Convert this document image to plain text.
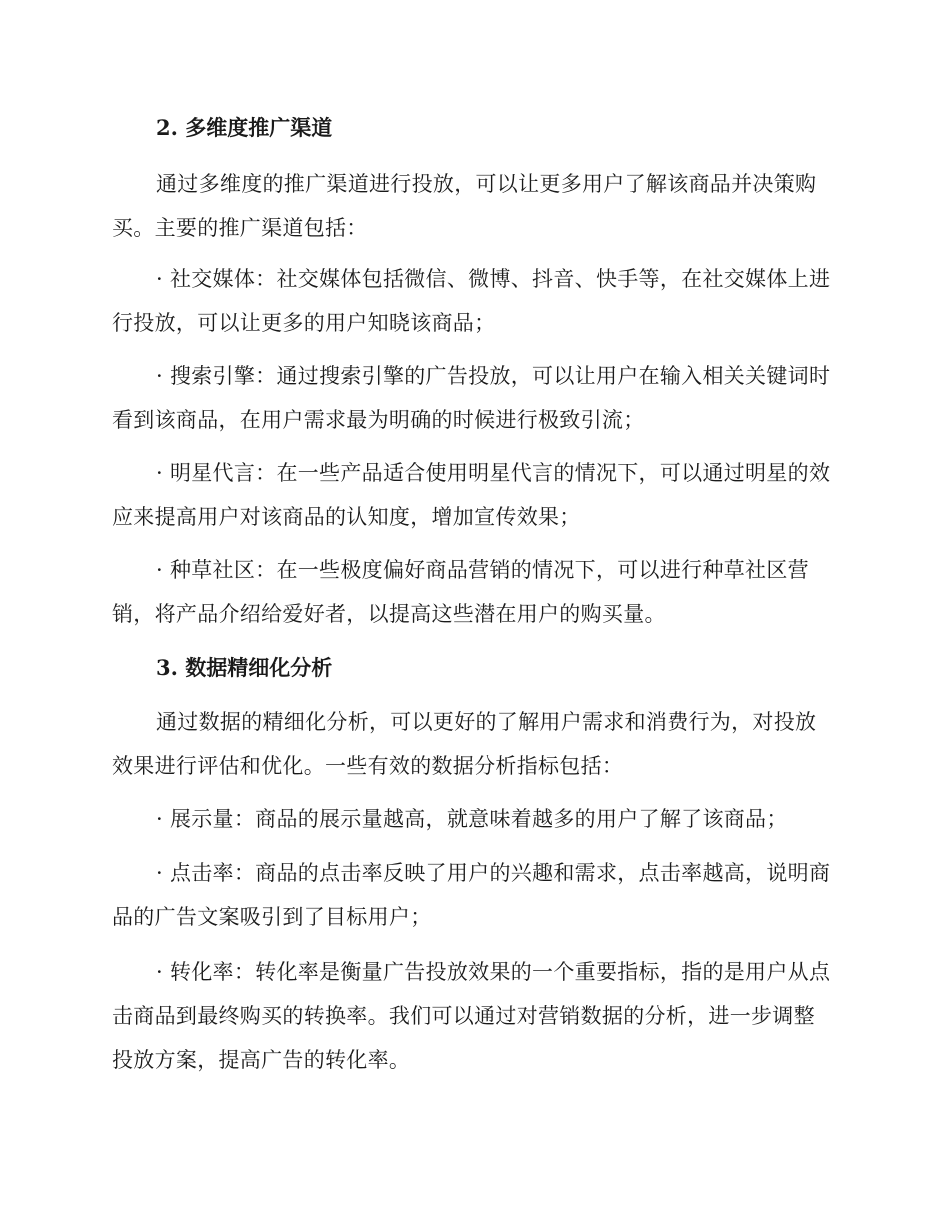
2. 多维度推广渠道

通过多维度的推广渠道进行投放，可以让更多用户了解该商品并决策购买。主要的推广渠道包括：

· 社交媒体：社交媒体包括微信、微博、抖音、快手等，在社交媒体上进行投放，可以让更多的用户知晓该商品；

· 搜索引擎：通过搜索引擎的广告投放，可以让用户在输入相关关键词时看到该商品，在用户需求最为明确的时候进行极致引流；

· 明星代言：在一些产品适合使用明星代言的情况下，可以通过明星的效应来提高用户对该商品的认知度，增加宣传效果；

· 种草社区：在一些极度偏好商品营销的情况下，可以进行种草社区营销，将产品介绍给爱好者，以提高这些潜在用户的购买量。

3. 数据精细化分析

通过数据的精细化分析，可以更好的了解用户需求和消费行为，对投放效果进行评估和优化。一些有效的数据分析指标包括：

· 展示量：商品的展示量越高，就意味着越多的用户了解了该商品；

· 点击率：商品的点击率反映了用户的兴趣和需求，点击率越高，说明商品的广告文案吸引到了目标用户；

· 转化率：转化率是衡量广告投放效果的一个重要指标，指的是用户从点击商品到最终购买的转换率。我们可以通过对营销数据的分析，进一步调整投放方案，提高广告的转化率。
